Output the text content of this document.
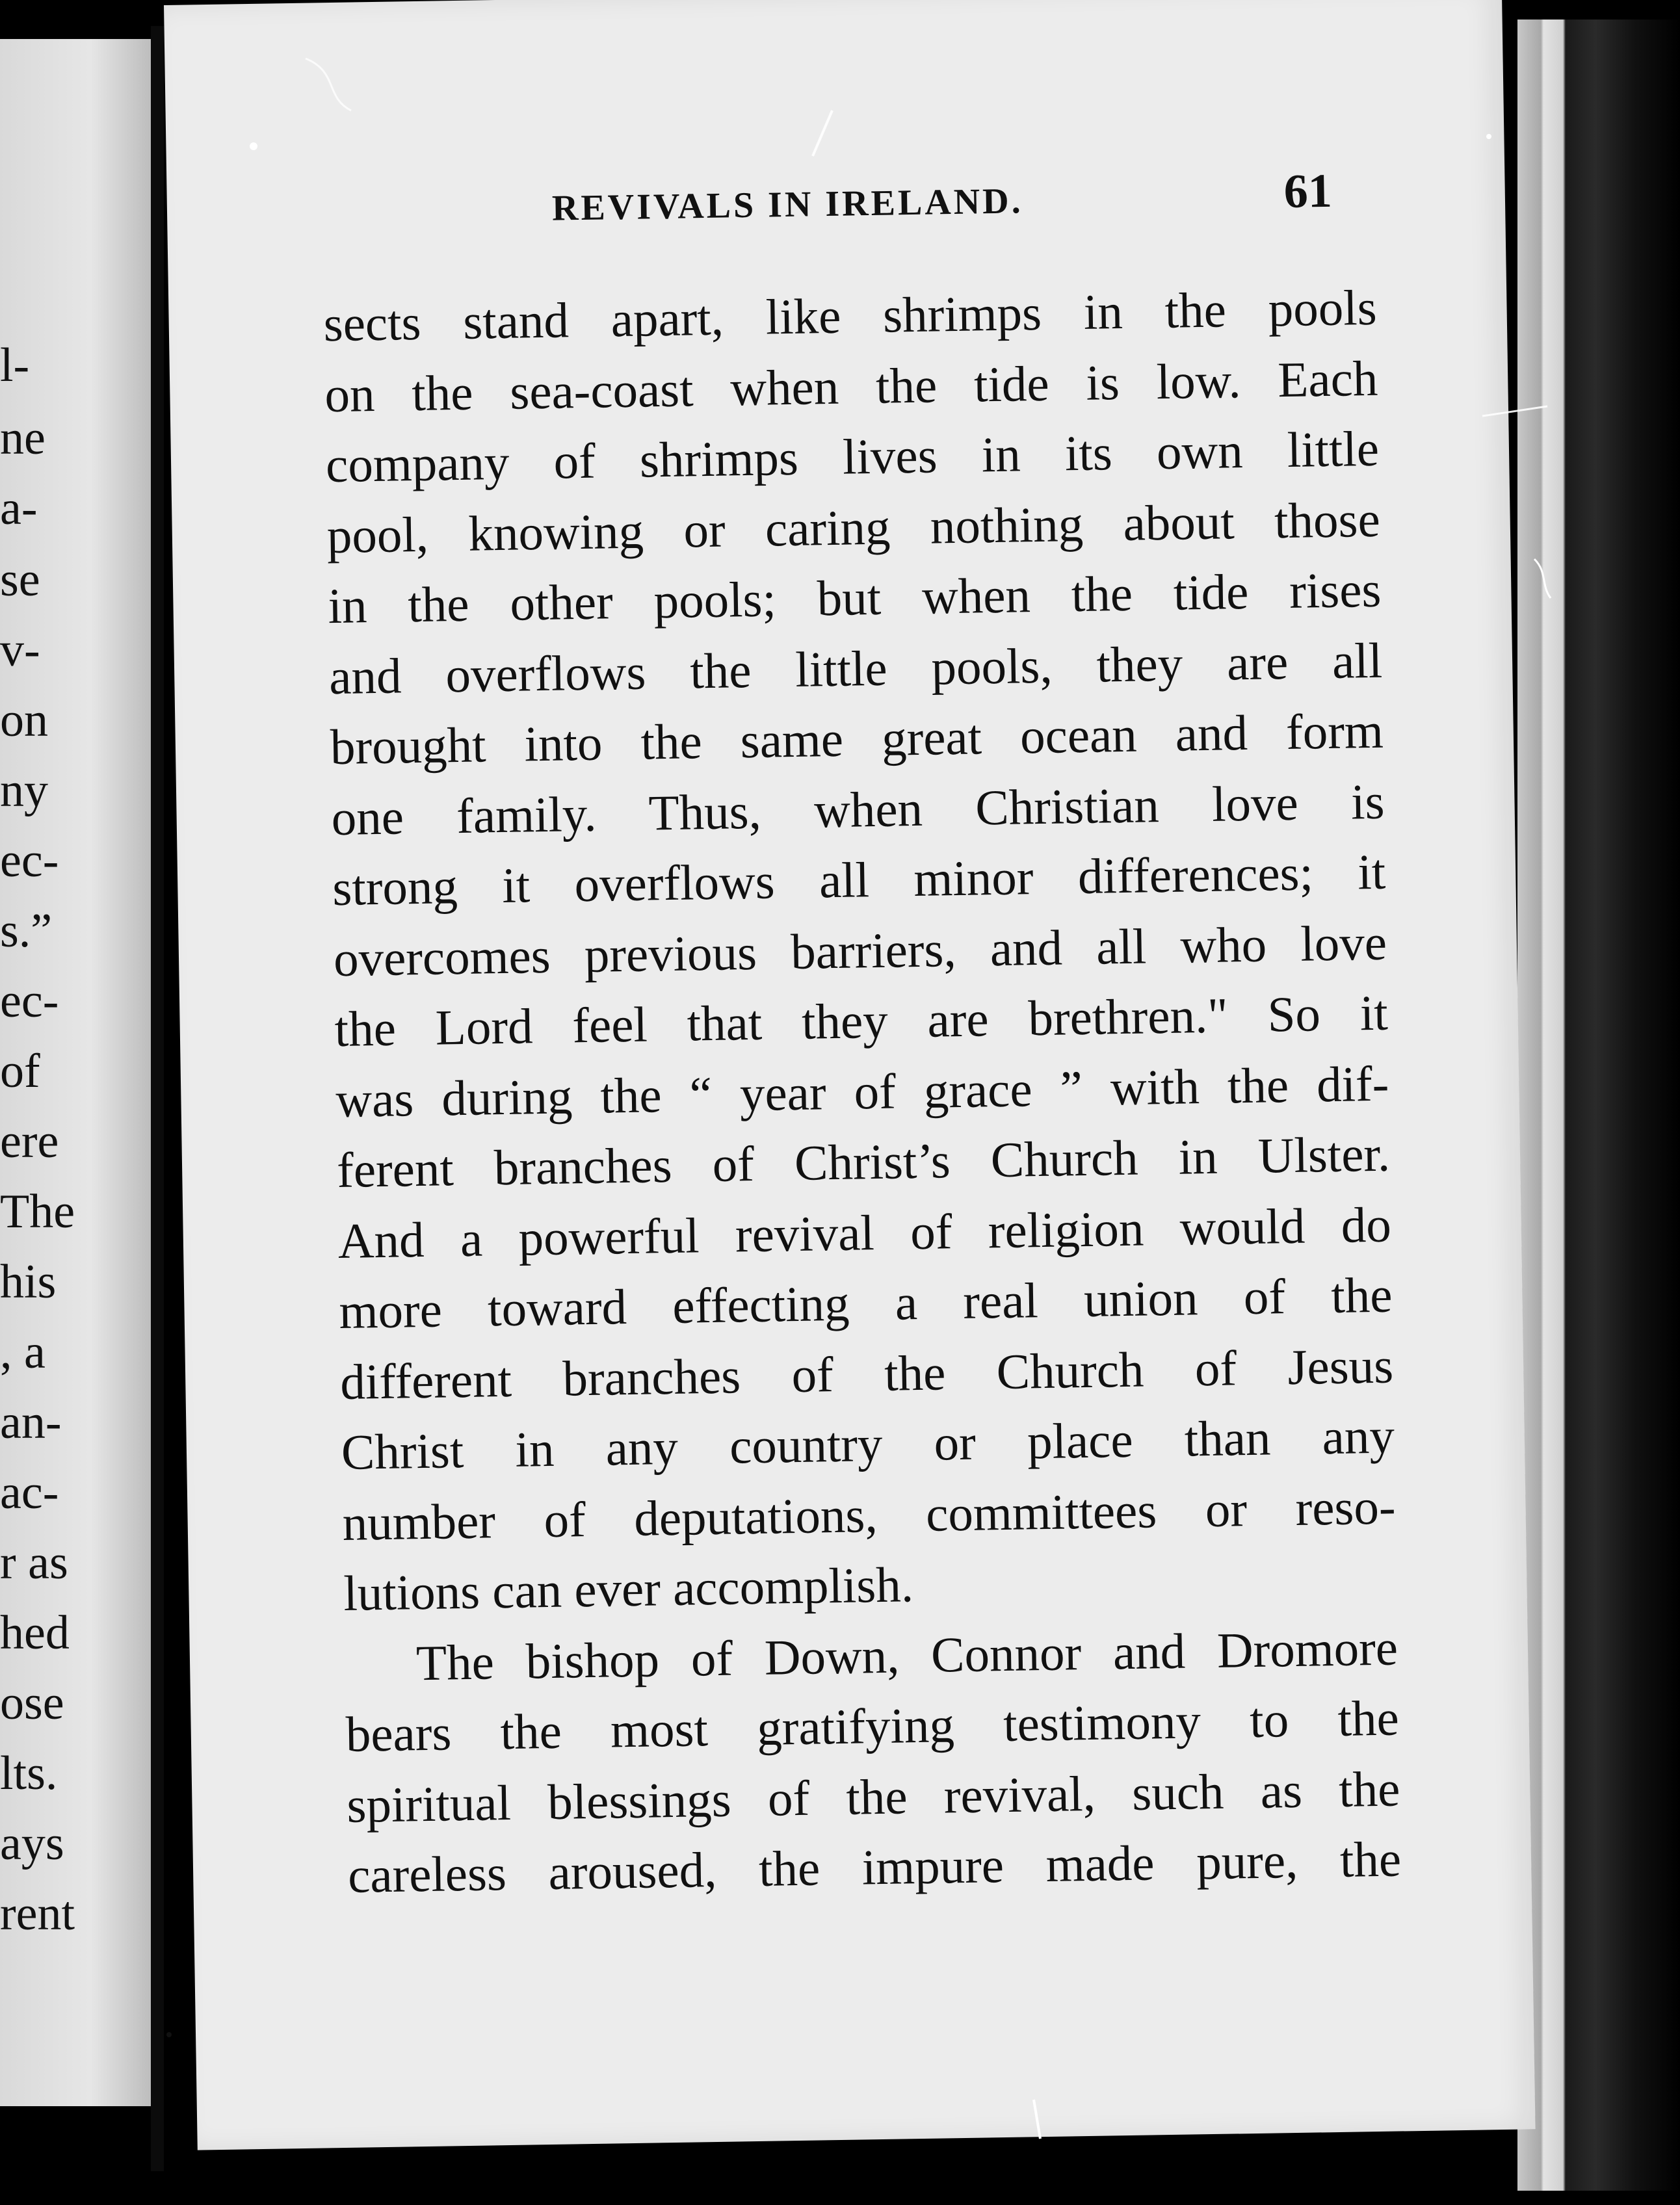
l-
ne
a-
se
v-
on
ny
ec-
s.”
ec-
of
ere
The
his
, a
an-
ac-
r as
hed
ose
lts.
ays
rent
REVIVALS IN IRELAND.	61
sects stand apart, like shrimps in the pools
on the sea-coast when the tide is low. Each
company of shrimps lives in its own little
pool, knowing or caring nothing about those
in the other pools; but when the tide rises
and overflows the little pools, they are all
brought into the same great ocean and form
one family. Thus, when Christian love is
strong it overflows all minor differences; it
overcomes previous barriers, and all who love
the Lord feel that they are brethren." So it
was during the “ year of grace ” with the dif-
ferent branches of Christ’s Church in Ulster.
And a powerful revival of religion would do
more toward effecting a real union of the
different branches of the Church of Jesus
Christ in any country or place than any
number of deputations, committees or reso-
lutions can ever accomplish.
The bishop of Down, Connor and Dromore
bears the most gratifying testimony to the
spiritual blessings of the revival, such as the
careless aroused, the impure made pure, the
